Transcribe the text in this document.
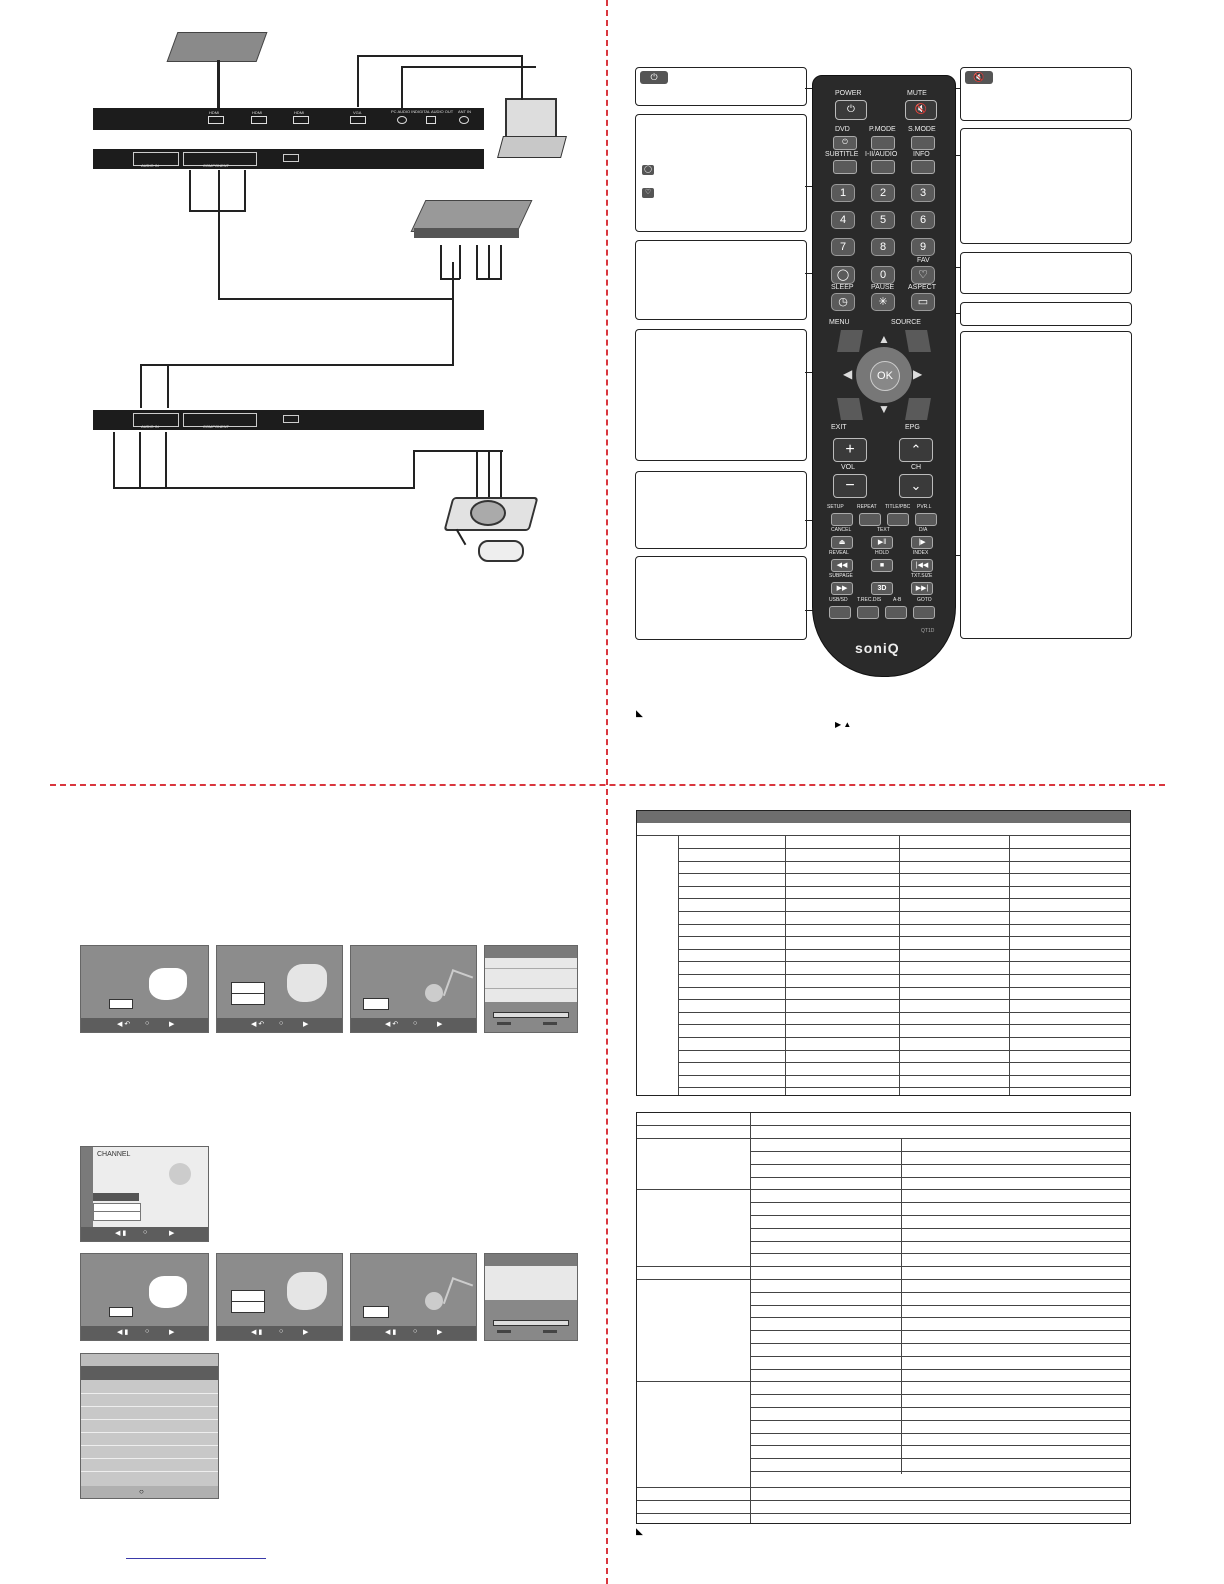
HDMI	HDMI	HDMI	VGA	PC AUDIO IN DIGITAL AUDIO OUT ANT IN
AUDIO IN	COMPONENT
AUDIO IN	COMPONENT
⏻
◯
♡
🔇
POWER	MUTE
⏻	🔇
DVD	P.MODE S.MODE
⏻
SUBTITLE I-II/AUDIO INFO
1	2	3
4	5	6
7	8	9
FAV
◯	0	♡
SLEEP PAUSE ASPECT
◷	✳	▭
MENU	SOURCE
▲
▼
◀	▶
OK
EXIT	EPG
+	⌃
VOL	CH
−	⌄
SETUP	REPEAT TITLE/PBC PVR.L
CANCEL	TEXT	D/A
⏏	▶‖	|▶
REVEAL	HOLD	INDEX
◀◀	■	|◀◀
SUBPAGE	TXT.SIZE
▶▶	3D	▶▶|
USB/SD T.REC.DIS A-B	GOTO
QT1D
soniQ
◣
▶ ▲
◀ ↶ ○	▶	◀ ↶ ○	▶	◀ ↶ ○	▶
CHANNEL
◀ ▮ ○	▶
◀ ▮ ○	▶	◀ ▮ ○	▶	◀ ▮ ○	▶
○
◣
